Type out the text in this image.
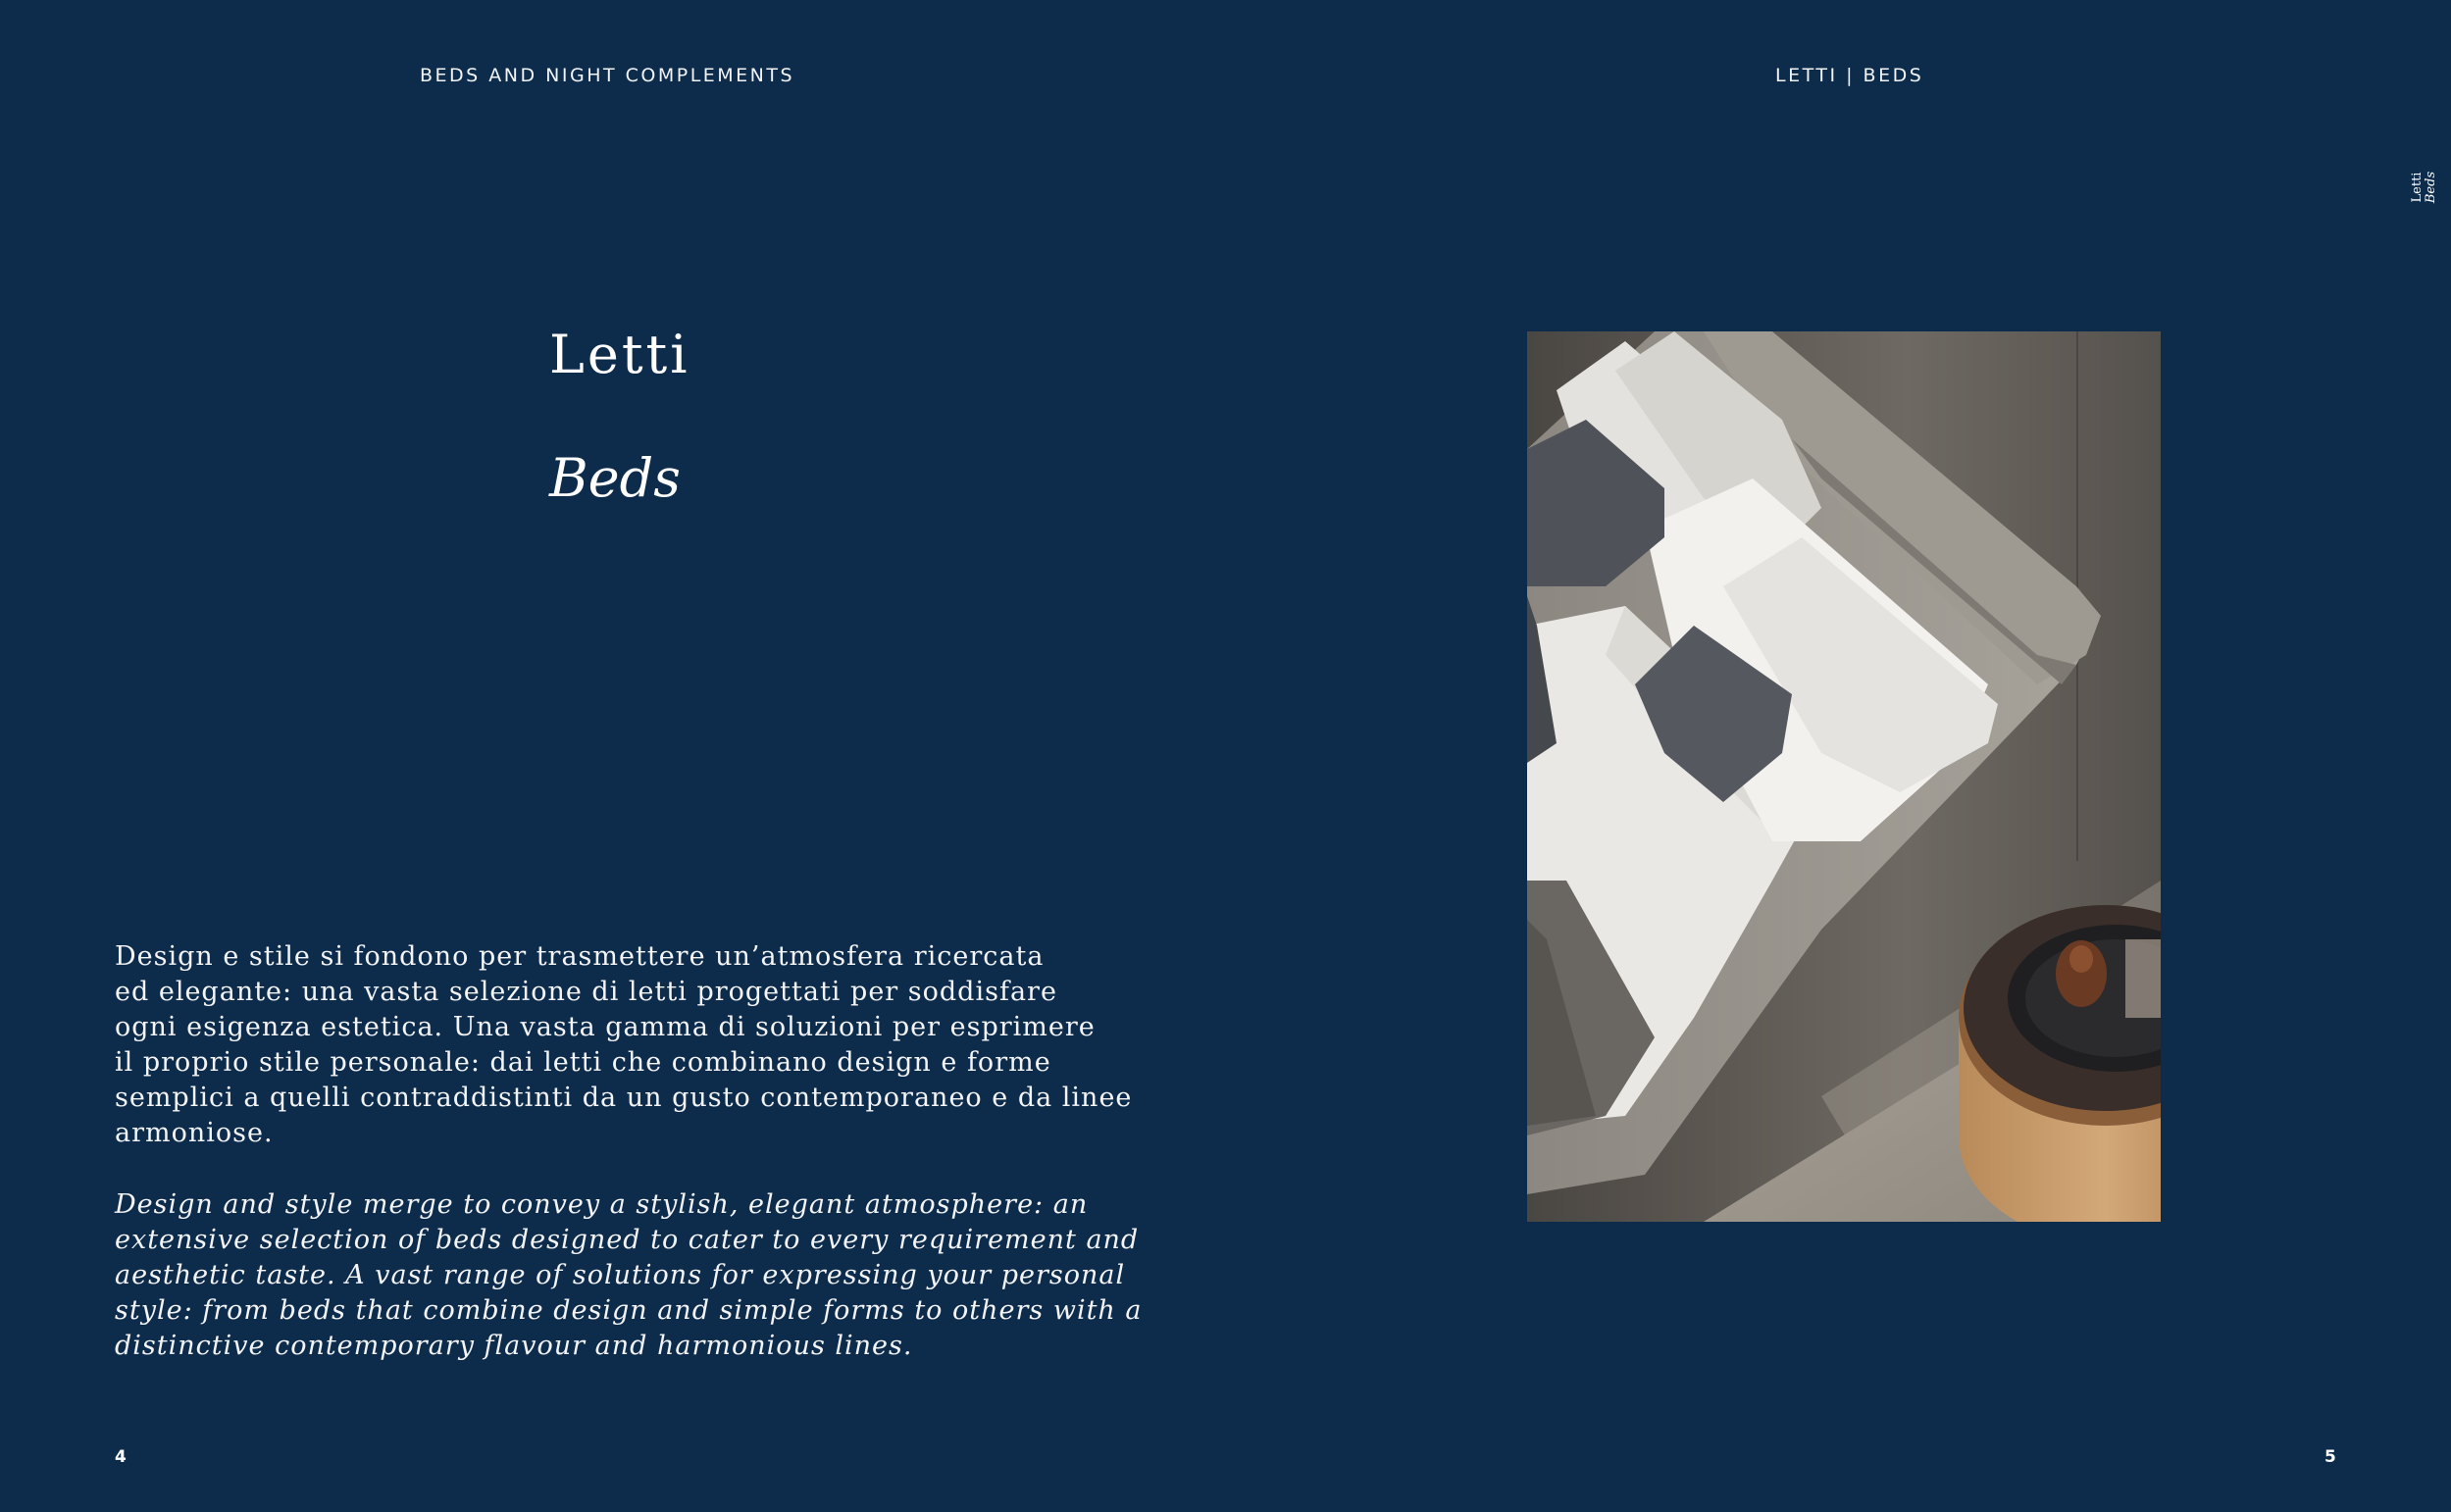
BEDS AND NIGHT COMPLEMENTS	LETTI | BEDS
Letti Beds
Letti
Beds

Design e stile si fondono per trasmettere un’atmosfera ricercata
ed elegante: una vasta selezione di letti progettati per soddisfare
ogni esigenza estetica. Una vasta gamma di soluzioni per esprimere
il proprio stile personale: dai letti che combinano design e forme
semplici a quelli contraddistinti da un gusto contemporaneo e da linee
armoniose.

Design and style merge to convey a stylish, elegant atmosphere: an
extensive selection of beds designed to cater to every requirement and
aesthetic taste. A vast range of solutions for expressing your personal
style: from beds that combine design and simple forms to others with a
distinctive contemporary flavour and harmonious lines.

4	5
